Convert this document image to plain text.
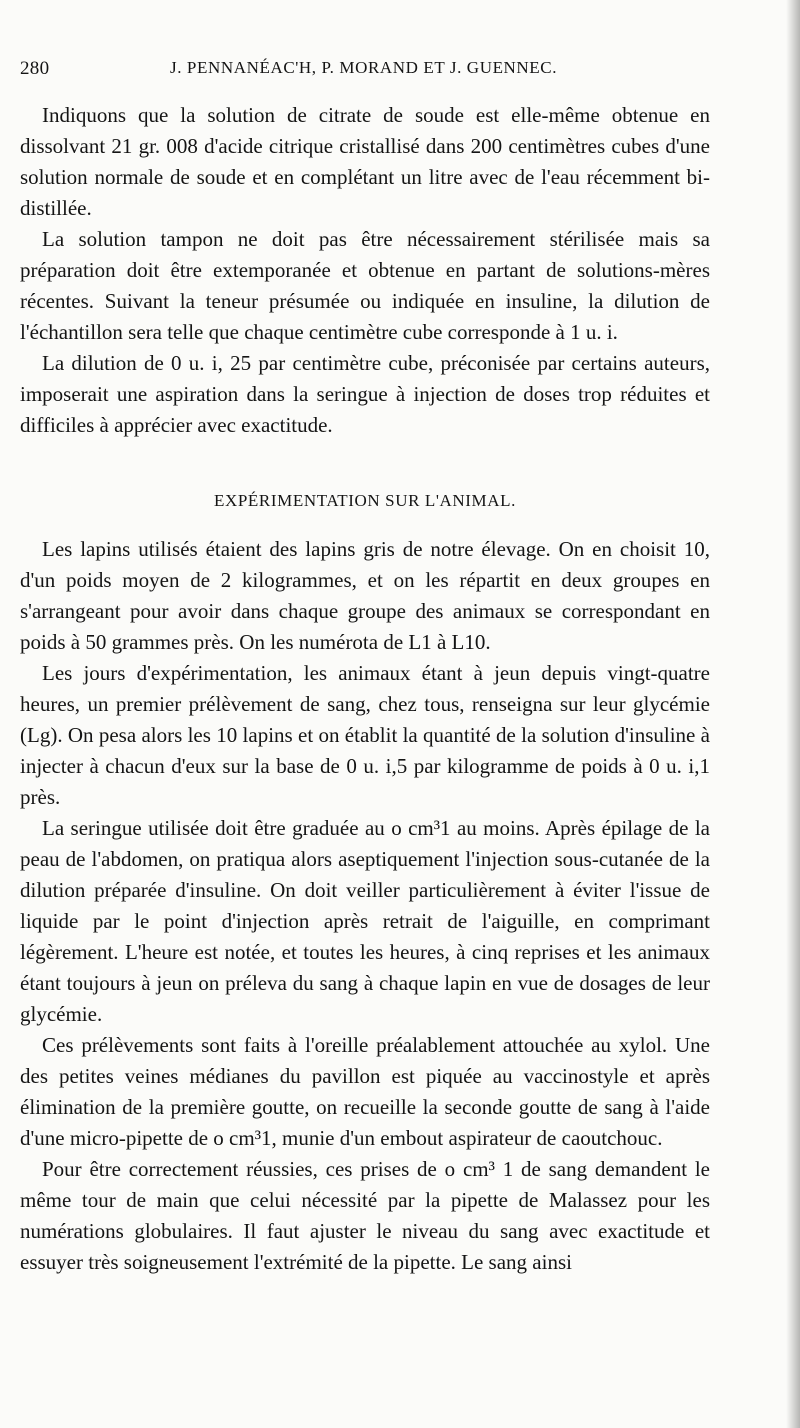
280	J. PENNANÉAC'H, P. MORAND ET J. GUENNEC.

Indiquons que la solution de citrate de soude est elle-même obtenue en dissolvant 21 gr. 008 d'acide citrique cristallisé dans 200 centimètres cubes d'une solution normale de soude et en complétant un litre avec de l'eau récemment bi-distillée.

La solution tampon ne doit pas être nécessairement stérilisée mais sa préparation doit être extemporanée et obtenue en partant de solutions-mères récentes. Suivant la teneur présumée ou indiquée en insuline, la dilution de l'échantillon sera telle que chaque centimètre cube corresponde à 1 u. i.

La dilution de 0 u. i, 25 par centimètre cube, préconisée par certains auteurs, imposerait une aspiration dans la seringue à injection de doses trop réduites et difficiles à apprécier avec exactitude.

EXPÉRIMENTATION SUR L'ANIMAL.

Les lapins utilisés étaient des lapins gris de notre élevage. On en choisit 10, d'un poids moyen de 2 kilogrammes, et on les répartit en deux groupes en s'arrangeant pour avoir dans chaque groupe des animaux se correspondant en poids à 50 grammes près. On les numérota de L1 à L10.

Les jours d'expérimentation, les animaux étant à jeun depuis vingt-quatre heures, un premier prélèvement de sang, chez tous, renseigna sur leur glycémie (Lg). On pesa alors les 10 lapins et on établit la quantité de la solution d'insuline à injecter à chacun d'eux sur la base de 0 u. i,5 par kilogramme de poids à 0 u. i,1 près.

La seringue utilisée doit être graduée au o cm³1 au moins. Après épilage de la peau de l'abdomen, on pratiqua alors aseptiquement l'injection sous-cutanée de la dilution préparée d'insuline. On doit veiller particulièrement à éviter l'issue de liquide par le point d'injection après retrait de l'aiguille, en comprimant légèrement. L'heure est notée, et toutes les heures, à cinq reprises et les animaux étant toujours à jeun on préleva du sang à chaque lapin en vue de dosages de leur glycémie.

Ces prélèvements sont faits à l'oreille préalablement attouchée au xylol. Une des petites veines médianes du pavillon est piquée au vaccinostyle et après élimination de la première goutte, on recueille la seconde goutte de sang à l'aide d'une micro-pipette de o cm³1, munie d'un embout aspirateur de caoutchouc.

Pour être correctement réussies, ces prises de o cm³ 1 de sang demandent le même tour de main que celui nécessité par la pipette de Malassez pour les numérations globulaires. Il faut ajuster le niveau du sang avec exactitude et essuyer très soigneusement l'extrémité de la pipette. Le sang ainsi
